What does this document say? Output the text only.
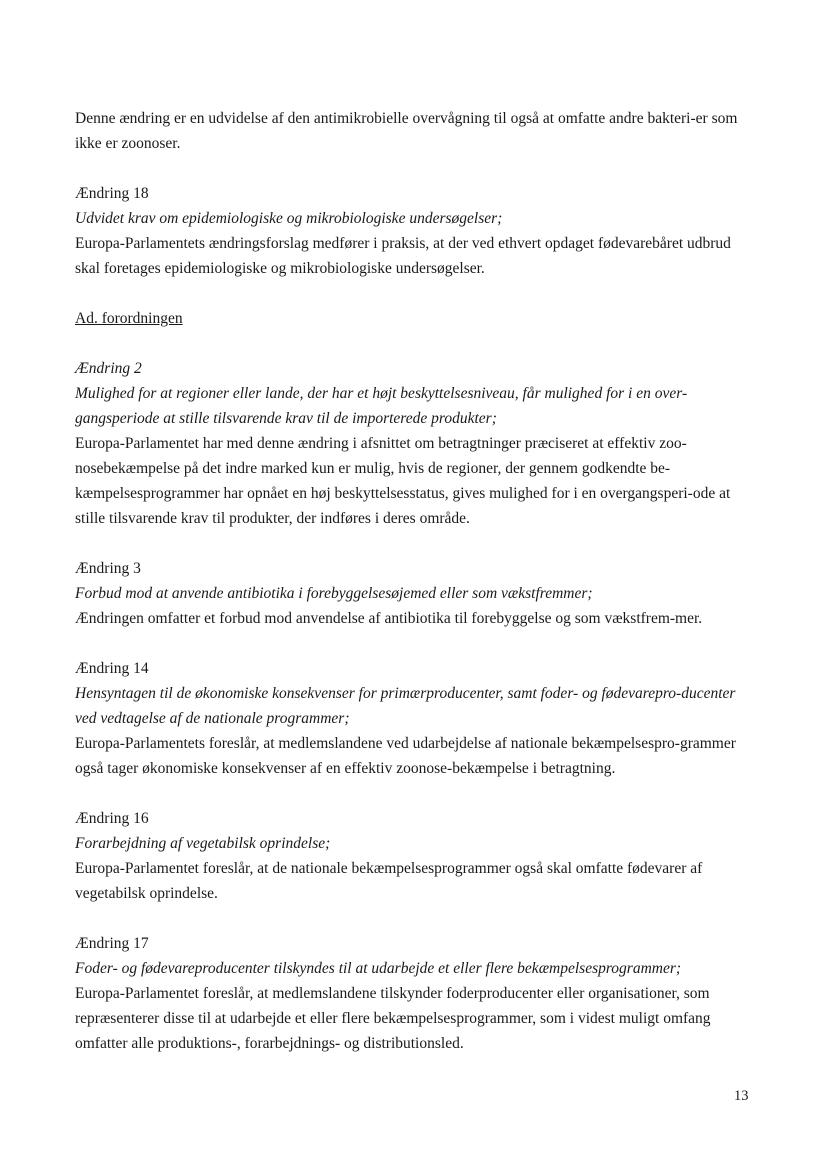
Denne ændring er en udvidelse af den antimikrobielle overvågning til også at omfatte andre bakteri-er som ikke er zoonoser.

Ændring 18

Udvidet krav om epidemiologiske og mikrobiologiske undersøgelser;

Europa-Parlamentets ændringsforslag medfører i praksis, at der ved ethvert opdaget fødevarebåret udbrud skal foretages epidemiologiske og mikrobiologiske undersøgelser.

Ad. forordningen

Ændring 2

Mulighed for at regioner eller lande, der har et højt beskyttelsesniveau, får mulighed for i en over-gangsperiode at stille tilsvarende krav til de importerede produkter;

Europa-Parlamentet har med denne ændring i afsnittet om betragtninger præciseret at effektiv zoo-nosebekæmpelse på det indre marked kun er mulig, hvis de regioner, der gennem godkendte be-kæmpelsesprogrammer har opnået en høj beskyttelsesstatus, gives mulighed for i en overgangsperi-ode at stille tilsvarende krav til produkter, der indføres i deres område.

Ændring 3

Forbud mod at anvende antibiotika i forebyggelsesøjemed eller som vækstfremmer;

Ændringen omfatter et forbud mod anvendelse af antibiotika til forebyggelse og som vækstfrem-mer.

Ændring 14

Hensyntagen til de økonomiske konsekvenser for primærproducenter, samt foder- og fødevarepro-ducenter ved vedtagelse af de nationale programmer;

Europa-Parlamentets foreslår, at medlemslandene ved udarbejdelse af nationale bekæmpelsespro-grammer også tager økonomiske konsekvenser af en effektiv zoonose-bekæmpelse i betragtning.

Ændring 16

Forarbejdning af vegetabilsk oprindelse;

Europa-Parlamentet foreslår, at de nationale bekæmpelsesprogrammer også skal omfatte fødevarer af vegetabilsk oprindelse.

Ændring 17

Foder- og fødevareproducenter tilskyndes til at udarbejde et eller flere bekæmpelsesprogrammer;

Europa-Parlamentet foreslår, at medlemslandene tilskynder foderproducenter eller organisationer, som repræsenterer disse til at udarbejde et eller flere bekæmpelsesprogrammer, som i videst muligt omfang omfatter alle produktions-, forarbejdnings- og distributionsled.

13
